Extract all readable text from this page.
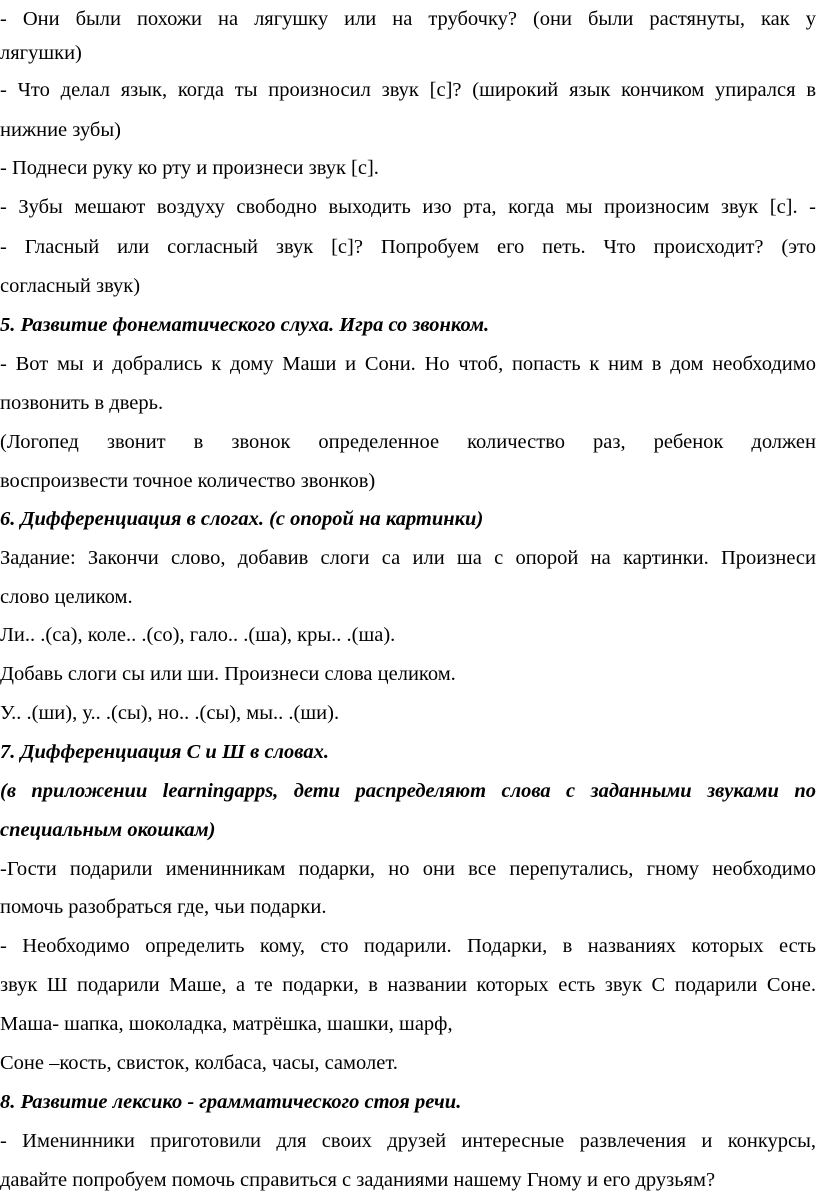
- Они были похожи на лягушку или на трубочку? (они были растянуты, как у
лягушки)
- Что делал язык, когда ты произносил звук [с]? (широкий язык кончиком упирался в
нижние зубы)
- Поднеси руку ко рту и произнеси звук [с].
- Зубы мешают воздуху свободно выходить изо рта, когда мы произносим звук [с]. -
- Гласный или согласный звук [с]? Попробуем его петь. Что происходит? (это
согласный звук)
5. Развитие фонематического слуха. Игра со звонком.
- Вот мы и добрались к дому Маши и Сони. Но чтоб, попасть к ним в дом необходимо
позвонить в дверь.
(Логопед звонит в звонок определенное количество раз, ребенок должен
воспроизвести точное количество звонков)
6. Дифференциация в слогах. (с опорой на картинки)
Задание: Закончи слово, добавив слоги са или ша с опорой на картинки. Произнеси
слово целиком.
Ли.. .(са), коле.. .(со), гало.. .(ша), кры.. .(ша).
Добавь слоги сы или ши. Произнеси слова целиком.
У.. .(ши), у.. .(сы), но.. .(сы), мы.. .(ши).
7. Дифференциация С и Ш в словах.
(в приложении learningapps, дети распределяют слова с заданными звуками по
специальным окошкам)
-Гости подарили именинникам подарки, но они все перепутались, гному необходимо
помочь разобраться где, чьи подарки.
- Необходимо определить кому, сто подарили. Подарки, в названиях которых есть
звук Ш подарили Маше, а те подарки, в названии которых есть звук С подарили Соне.
Маша- шапка, шоколадка, матрёшка, шашки, шарф,
Соне –кость, свисток, колбаса, часы, самолет.
8. Развитие лексико - грамматического стоя речи.
- Именинники приготовили для своих друзей интересные развлечения и конкурсы,
давайте попробуем помочь справиться с заданиями нашему Гному и его друзьям?
